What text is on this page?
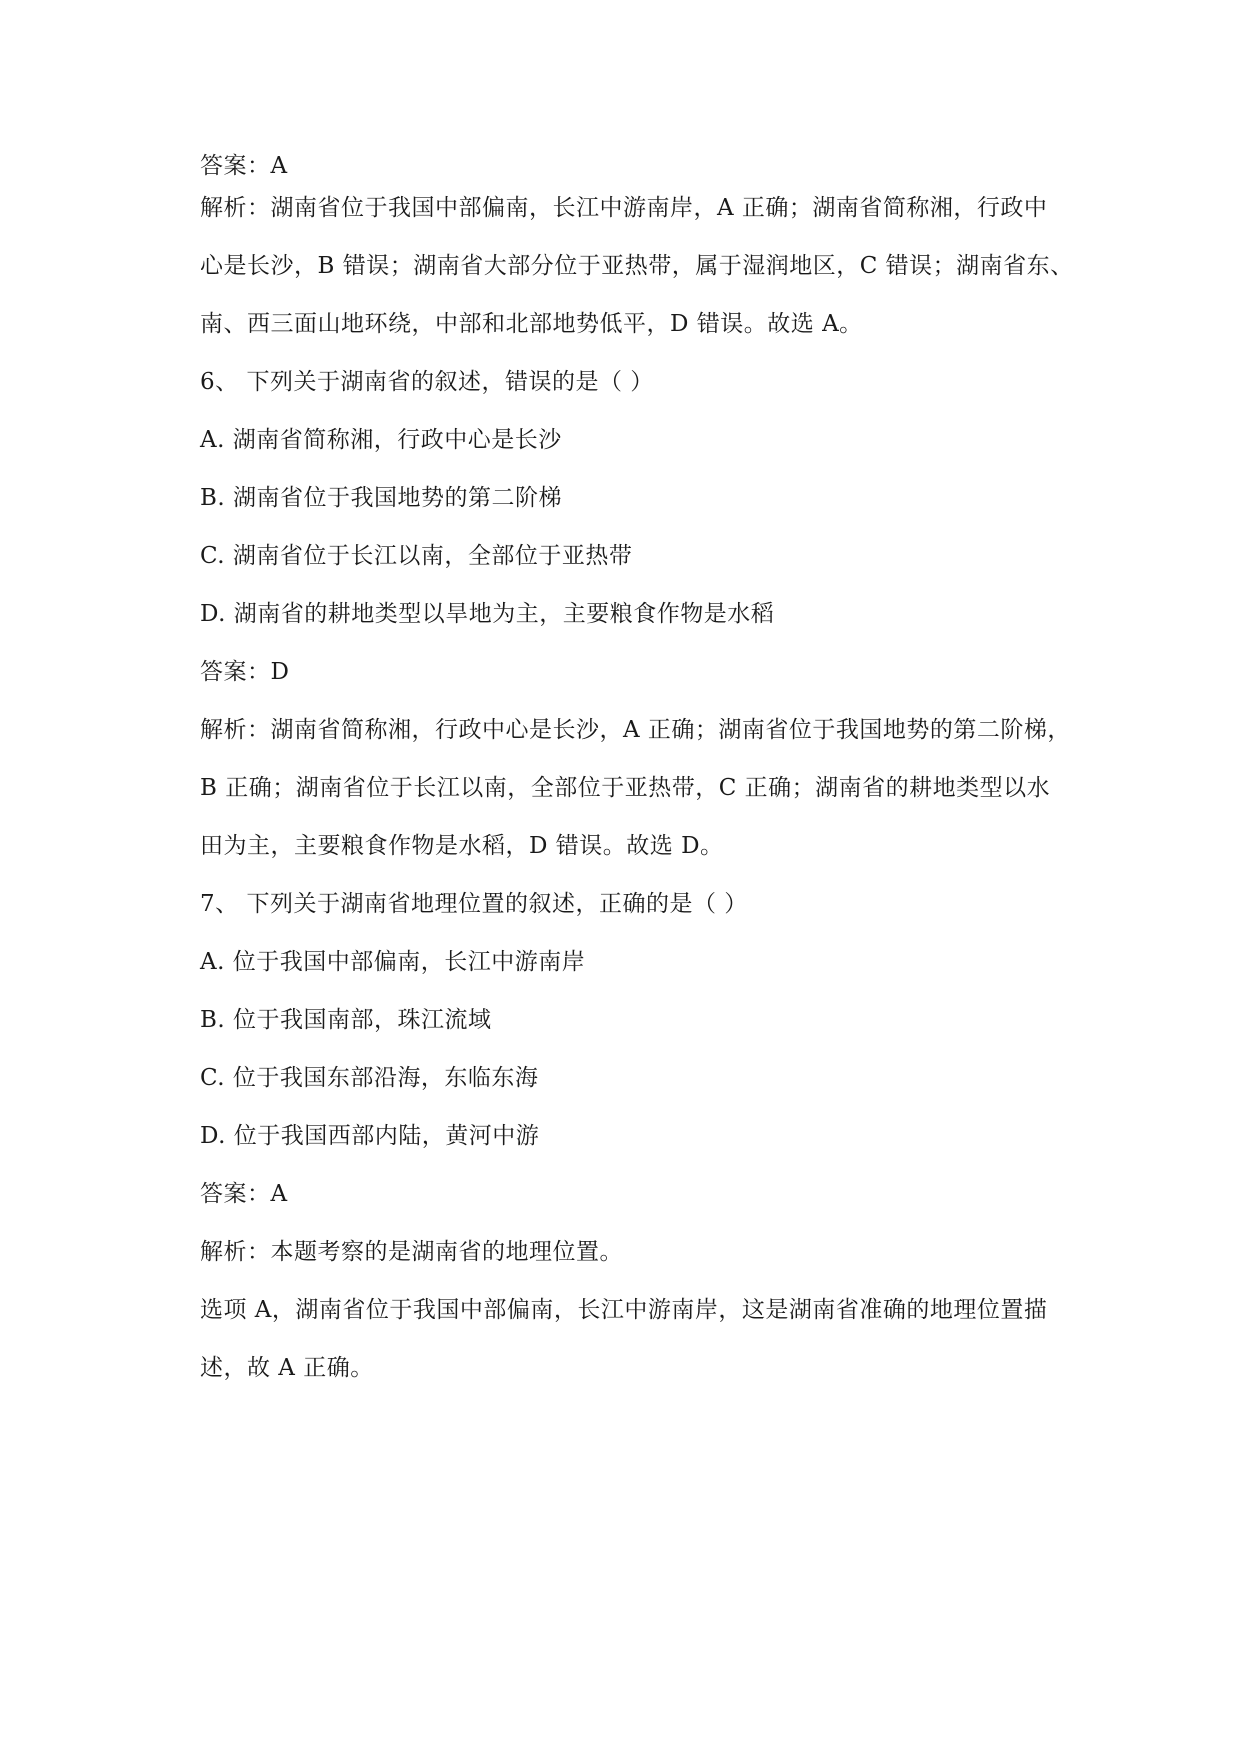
答案：A
解析：湖南省位于我国中部偏南，长江中游南岸，A 正确；湖南省简称湘，行政中
心是长沙，B 错误；湖南省大部分位于亚热带，属于湿润地区，C 错误；湖南省东、
南、西三面山地环绕，中部和北部地势低平，D 错误。故选 A。
6、 下列关于湖南省的叙述，错误的是（ ）
A. 湖南省简称湘，行政中心是长沙
B. 湖南省位于我国地势的第二阶梯
C. 湖南省位于长江以南，全部位于亚热带
D. 湖南省的耕地类型以旱地为主，主要粮食作物是水稻
答案：D
解析：湖南省简称湘，行政中心是长沙，A 正确；湖南省位于我国地势的第二阶梯，
B 正确；湖南省位于长江以南，全部位于亚热带，C 正确；湖南省的耕地类型以水
田为主，主要粮食作物是水稻，D 错误。故选 D。
7、 下列关于湖南省地理位置的叙述，正确的是（ ）
A. 位于我国中部偏南，长江中游南岸
B. 位于我国南部，珠江流域
C. 位于我国东部沿海，东临东海
D. 位于我国西部内陆，黄河中游
答案：A
解析：本题考察的是湖南省的地理位置。
选项 A，湖南省位于我国中部偏南，长江中游南岸，这是湖南省准确的地理位置描
述，故 A 正确。
